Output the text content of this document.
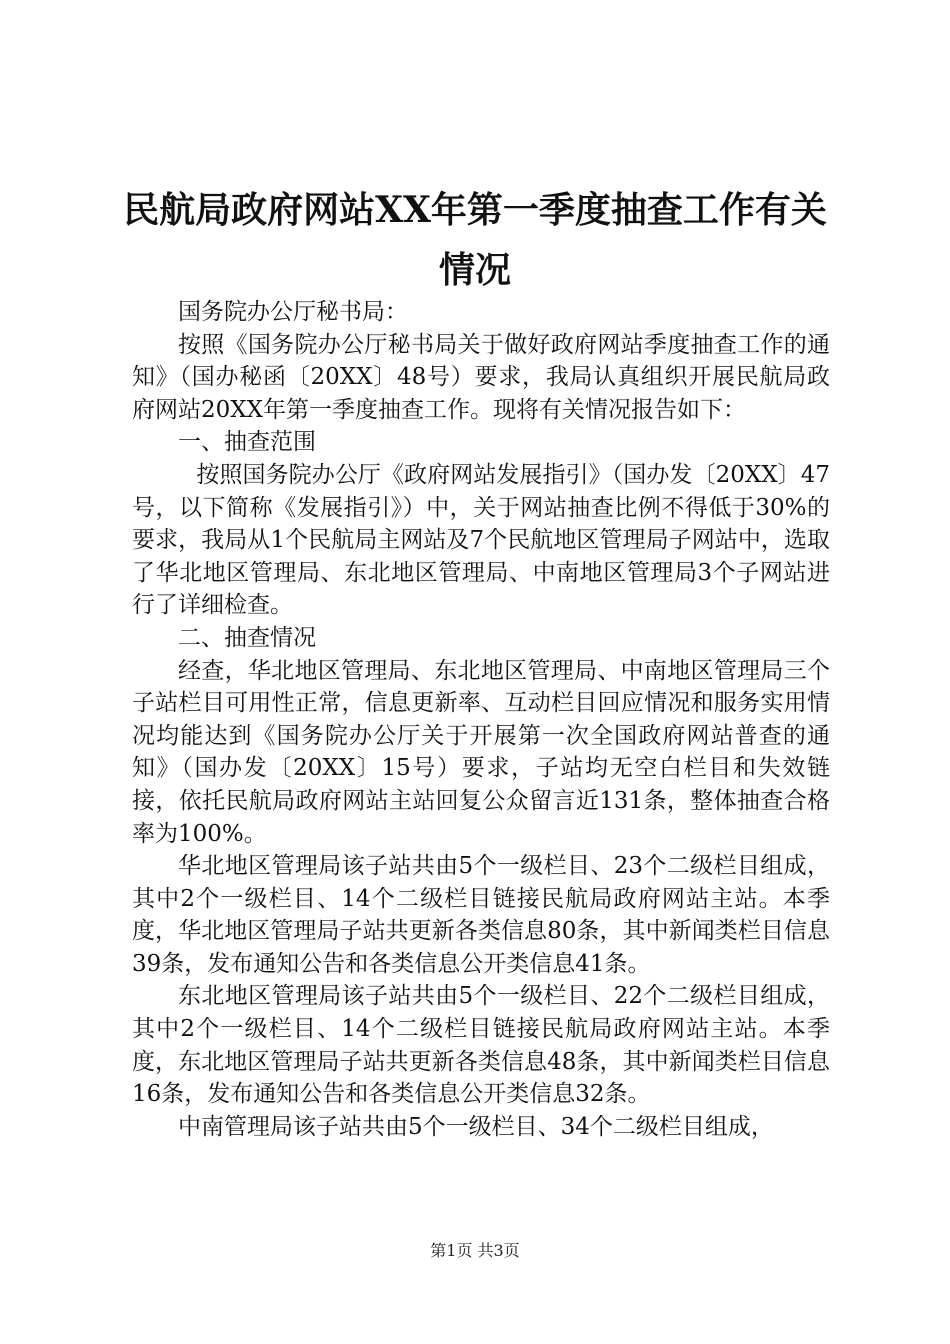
民航局政府网站XX年第一季度抽查工作有关
情况

国务院办公厅秘书局：

按照《国务院办公厅秘书局关于做好政府网站季度抽查工作的通知》（国办秘函〔20XX〕48号）要求，我局认真组织开展民航局政府网站20XX年第一季度抽查工作。现将有关情况报告如下：

一、抽查范围

按照国务院办公厅《政府网站发展指引》（国办发〔20XX〕47号，以下简称《发展指引》）中，关于网站抽查比例不得低于30%的要求，我局从1个民航局主网站及7个民航地区管理局子网站中，选取了华北地区管理局、东北地区管理局、中南地区管理局3个子网站进行了详细检查。

二、抽查情况

经查，华北地区管理局、东北地区管理局、中南地区管理局三个子站栏目可用性正常，信息更新率、互动栏目回应情况和服务实用情况均能达到《国务院办公厅关于开展第一次全国政府网站普查的通知》（国办发〔20XX〕15号）要求，子站均无空白栏目和失效链接，依托民航局政府网站主站回复公众留言近131条，整体抽查合格率为100%。

华北地区管理局该子站共由5个一级栏目、23个二级栏目组成，其中2个一级栏目、14个二级栏目链接民航局政府网站主站。本季度，华北地区管理局子站共更新各类信息80条，其中新闻类栏目信息39条，发布通知公告和各类信息公开类信息41条。

东北地区管理局该子站共由5个一级栏目、22个二级栏目组成，其中2个一级栏目、14个二级栏目链接民航局政府网站主站。本季度，东北地区管理局子站共更新各类信息48条，其中新闻类栏目信息16条，发布通知公告和各类信息公开类信息32条。

中南管理局该子站共由5个一级栏目、34个二级栏目组成，

第1页 共3页
